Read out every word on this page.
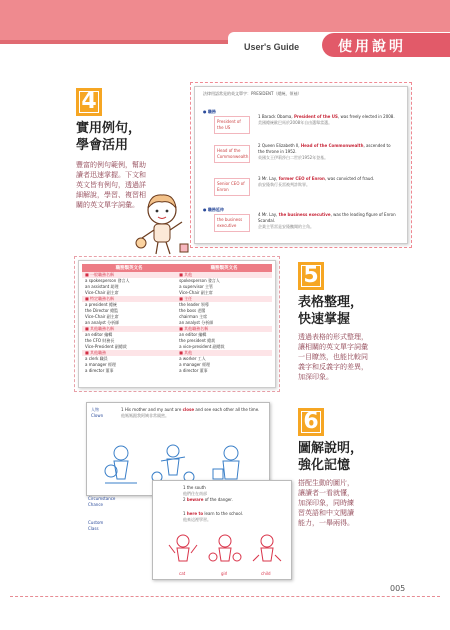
User's Guide	使用說明
4
實用例句，
學會活用
豐富的例句範例，幫助
讀者迅速掌握。下文和
英文皆有例句，透過詳
細解說，學習、複習相
關的英文單字詞彙。
法律用語常見的英文單字：PRESIDENT（總統、領袖）
● 職務
● 職務延伸
President of the US
1 Barack Obama, President of the US, was freely elected in 2008.
美國總統歐巴馬於2008年自由選舉當選。
Head of the Commonwealth
2 Queen Elizabeth II, Head of the Commonwealth, ascended to the throne in 1952.
英國女王伊莉莎白二世於1952年登基。
Senior CEO of Enron
3 Mr. Lay, former CEO of Enron, was convicted of fraud.
前安隆執行長雷被判詐欺罪。
the business executive
4 Mr. Lay, the business executive, was the leading figure of Enron Scandal.
企業主管雷是安隆醜聞的主角。
職務類英文名	職務類英文名
■ 一般職務名稱	■ 其他
a spokesperson 發言人	spokesperson 發言人
an assistant 助理	a supervisor 主管
Vice-Chair 副主席	Vice-Chair 副主席
■ 特定職務名稱	■ 主任
a president 總統	the leader 領導
the Director 總監	the boss 老闆
Vice-Chair 副主席	chairman 主席
an analyst 分析師	an analyst 分析師
■ 其他職務名稱	■ 其他職務名稱
an editor 編輯	an editor 編輯
the CFO 財務長	the president 總裁
Vice-President 副總裁	a vice-president 副總裁
■ 其他職務	■ 其他
a clerk 職員	a worker 工人
a manager 經理	a manager 經理
a director 董事	a director 董事
5
表格整理，
快速掌握
透過表格的形式整理，
讓相關的英文單字詞彙
一目瞭然，也能比較同
義字和反義字的差異，
加深印象。
人物
Clown
1 His mother and my aunt are close and see each other all the time.
他媽媽跟我阿姨非常親密。
1 the south
他們住在南部
2 beware of the danger.
1 here to learn to the school.
他來這裡學習。
cat	girl	child
Circumstance
Chance
Custom
Class
6
圖解說明，
強化記憶
搭配生動的圖片，
讓讀者一看就懂，
加深印象，同時練
習英語和中文閱讀
能力，一舉兩得。
005
